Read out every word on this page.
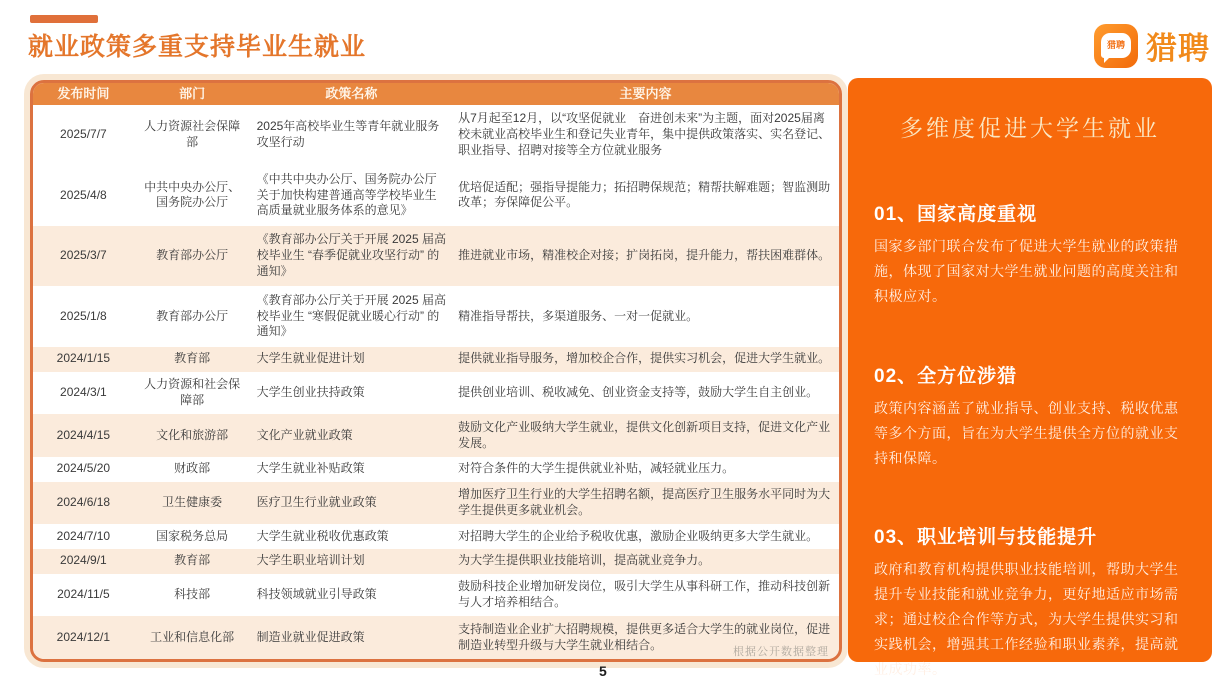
就业政策多重支持毕业生就业	猎聘 猎聘
发布时间	部门	政策名称	主要内容
2025/7/7	人力资源社会保障部	2025年高校毕业生等青年就业服务攻坚行动	从7月起至12月，以“攻坚促就业　奋进创未来”为主题，面对2025届离校未就业高校毕业生和登记失业青年，集中提供政策落实、实名登记、职业指导、招聘对接等全方位就业服务
2025/4/8	中共中央办公厅、国务院办公厅	《中共中央办公厅、国务院办公厅关于加快构建普通高等学校毕业生高质量就业服务体系的意见》	优培促适配；强指导提能力；拓招聘保规范；精帮扶解难题；智监测助改革；夯保障促公平。
2025/3/7	教育部办公厅	《教育部办公厅关于开展 2025 届高校毕业生 “春季促就业攻坚行动” 的通知》	推进就业市场，精准校企对接；扩岗拓岗，提升能力，帮扶困难群体。
2025/1/8	教育部办公厅	《教育部办公厅关于开展 2025 届高校毕业生 “寒假促就业暖心行动” 的通知》	精准指导帮扶，多渠道服务、一对一促就业。
2024/1/15	教育部	大学生就业促进计划	提供就业指导服务，增加校企合作，提供实习机会，促进大学生就业。
2024/3/1	人力资源和社会保障部	大学生创业扶持政策	提供创业培训、税收减免、创业资金支持等，鼓励大学生自主创业。
2024/4/15	文化和旅游部	文化产业就业政策	鼓励文化产业吸纳大学生就业，提供文化创新项目支持，促进文化产业发展。
2024/5/20	财政部	大学生就业补贴政策	对符合条件的大学生提供就业补贴，减轻就业压力。
2024/6/18	卫生健康委	医疗卫生行业就业政策	增加医疗卫生行业的大学生招聘名额，提高医疗卫生服务水平同时为大学生提供更多就业机会。
2024/7/10	国家税务总局	大学生就业税收优惠政策	对招聘大学生的企业给予税收优惠，激励企业吸纳更多大学生就业。
2024/9/1	教育部	大学生职业培训计划	为大学生提供职业技能培训，提高就业竞争力。
2024/11/5	科技部	科技领域就业引导政策	鼓励科技企业增加研发岗位，吸引大学生从事科研工作，推动科技创新与人才培养相结合。
2024/12/1	工业和信息化部	制造业就业促进政策	支持制造业企业扩大招聘规模，提供更多适合大学生的就业岗位，促进制造业转型升级与大学生就业相结合。
多维度促进大学生就业
01、国家高度重视

国家多部门联合发布了促进大学生就业的政策措施，体现了国家对大学生就业问题的高度关注和积极应对。

02、全方位涉猎

政策内容涵盖了就业指导、创业支持、税收优惠等多个方面，旨在为大学生提供全方位的就业支持和保障。

03、职业培训与技能提升

政府和教育机构提供职业技能培训，帮助大学生提升专业技能和就业竞争力，更好地适应市场需求；通过校企合作等方式，为大学生提供实习和实践机会，增强其工作经验和职业素养，提高就业成功率。

根据公开数据整理
5
